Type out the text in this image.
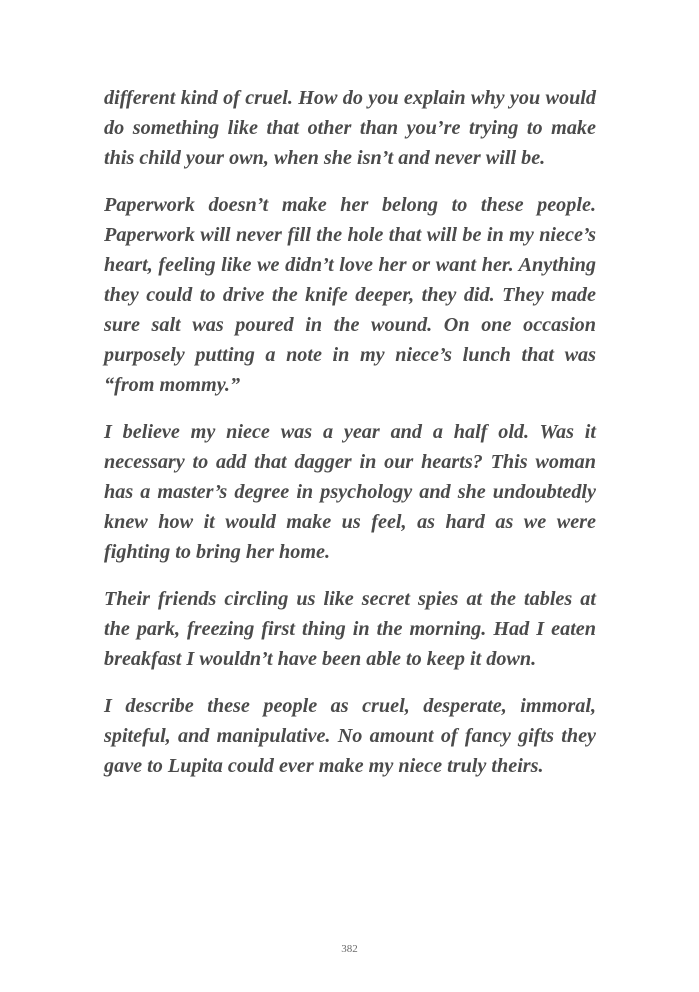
different kind of cruel. How do you explain why you would do something like that other than you’re trying to make this child your own, when she isn’t and never will be.

Paperwork doesn’t make her belong to these people. Paperwork will never fill the hole that will be in my niece’s heart, feeling like we didn’t love her or want her. Anything they could to drive the knife deeper, they did. They made sure salt was poured in the wound. On one occasion purposely putting a note in my niece’s lunch that was “from mommy.”

I believe my niece was a year and a half old. Was it necessary to add that dagger in our hearts? This woman has a master’s degree in psychology and she undoubtedly knew how it would make us feel, as hard as we were fighting to bring her home.

Their friends circling us like secret spies at the tables at the park, freezing first thing in the morning. Had I eaten breakfast I wouldn’t have been able to keep it down.

I describe these people as cruel, desperate, immoral, spiteful, and manipulative. No amount of fancy gifts they gave to Lupita could ever make my niece truly theirs.

382
